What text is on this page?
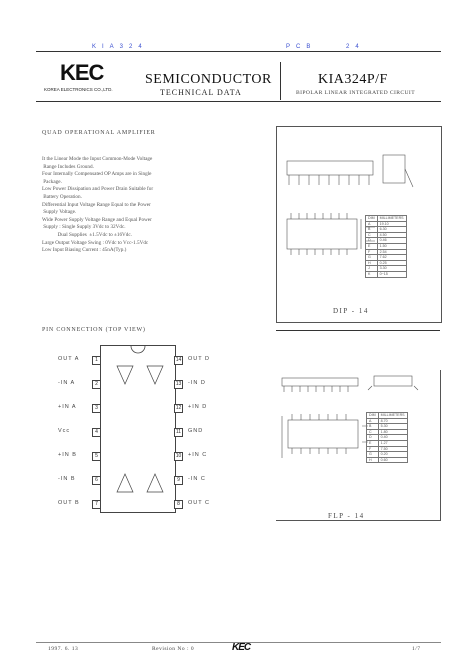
KIA324	PCB	24
KEC
KOREA ELECTRONICS CO.,LTD.
SEMICONDUCTOR
TECHNICAL DATA
KIA324P/F
BIPOLAR LINEAR INTEGRATED CIRCUIT
QUAD OPERATIONAL AMPLIFIER
It the Linear Mode the Input Common-Mode Voltage
Range Includes Ground.
Four Internally Compensated OP Amps are in Single
Package.
Low Power Dissipation and Power Drain Suitable for
Battery Operation.
Differential Input Voltage Range Equal to the Power
Supply Voltage.
Wide Power Supply Voltage Range and Equal Power
Supply : Single Supply 3Vdc to 32Vdc.
Dual Supplies  ±1.5Vdc to ±16Vdc.
Large Output Voltage Swing : 0Vdc to Vcc-1.5Vdc
Low Input Biasing Current : 45nA(Typ.)
DIM	MILLIMETERS
A	19.10
B	6.30
C	4.50
D	0.46
E	1.50
F	2.54
G	7.62
H	0.25
J	3.30
K	0~15
DIP - 14
DIM	MILLIMETERS
A	8.70
B	5.30
C	1.80
D	0.40
E	1.27
F	7.50
G	0.20
H	0.60
FLP - 14
PIN CONNECTION (TOP VIEW)
1997. 6. 13	Revision No : 0	KEC	1/7
OUT A	1
-IN A	2
+IN A	3
Vcc	4
+IN B	5
-IN B	6
OUT B	7
14	OUT D
13	-IN D
12	+IN D
11	GND
10	+IN C
9	-IN C
8	OUT C
